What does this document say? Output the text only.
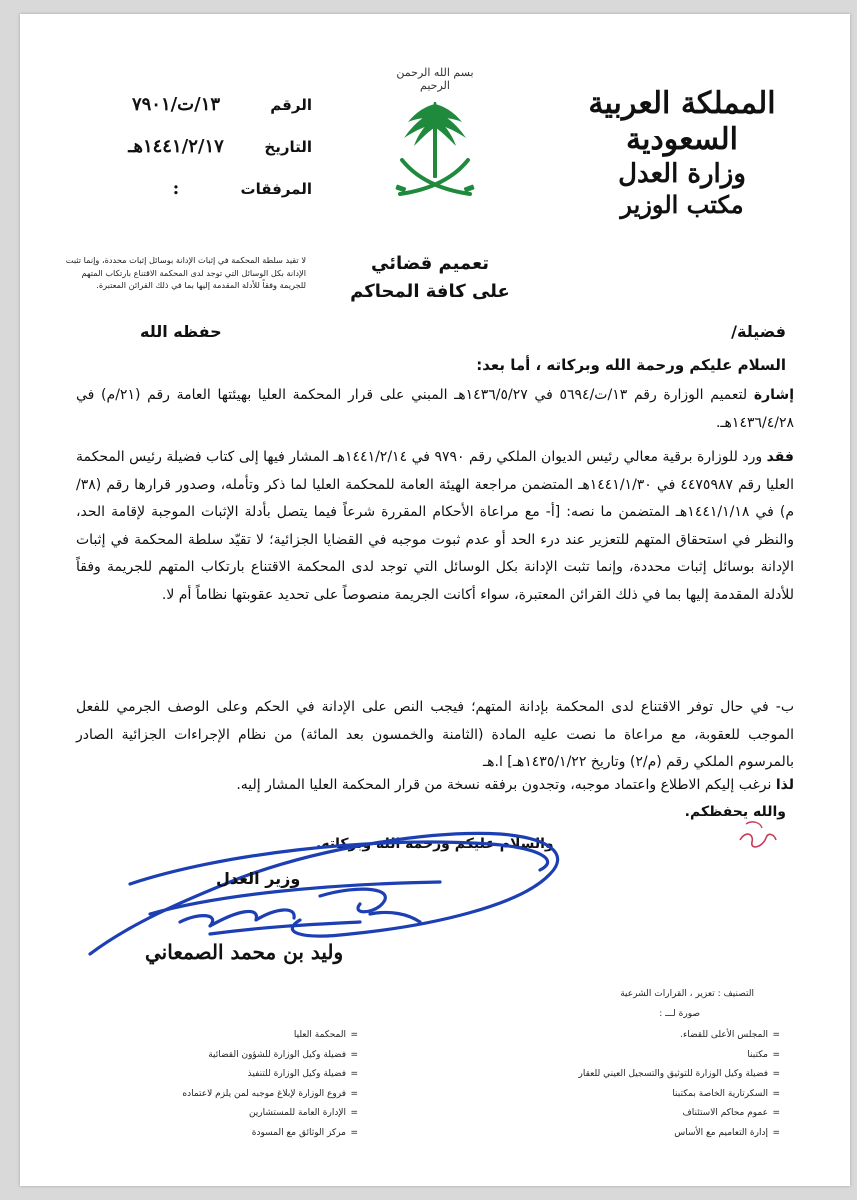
المملكة العربية السعودية
وزارة العدل
مكتب الوزير
بسم الله الرحمن الرحيم
الرقم
١٣/ت/٧٩٠١
التاريخ
١٤٤١/٢/١٧هـ
المرفقات
:
تعميم قضائي
على كافة المحاكم
لا تقيد سلطة المحكمة في إثبات الإدانة بوسائل إثبات محددة، وإنما تثبت الإدانة بكل الوسائل التي توجد لدى المحكمة الاقتناع بارتكاب المتهم للجريمة وفقاً للأدلة المقدمة إليها بما في ذلك القرائن المعتبرة.
فضيلة/
حفظه الله
السلام عليكم ورحمة الله وبركاته ، أما بعد:
إشارة لتعميم الوزارة رقم ١٣/ت/٥٦٩٤ في ١٤٣٦/٥/٢٧هـ المبني على قرار المحكمة العليا بهيئتها العامة رقم (٢١/م) في ١٤٣٦/٤/٢٨هـ.
فقد ورد للوزارة برقية معالي رئيس الديوان الملكي رقم ٩٧٩٠ في ١٤٤١/٢/١٤هـ المشار فيها إلى كتاب فضيلة رئيس المحكمة العليا رقم ٤٤٧٥٩٨٧ في ١٤٤١/١/٣٠هـ المتضمن مراجعة الهيئة العامة للمحكمة العليا لما ذكر وتأمله، وصدور قرارها رقم (٣٨/م) في ١٤٤١/١/١٨هـ المتضمن ما نصه: [أ- مع مراعاة الأحكام المقررة شرعاً فيما يتصل بأدلة الإثبات الموجبة لإقامة الحد، والنظر في استحقاق المتهم للتعزير عند درء الحد أو عدم ثبوت موجبه في القضايا الجزائية؛ لا تقيّد سلطة المحكمة في إثبات الإدانة بوسائل إثبات محددة، وإنما تثبت الإدانة بكل الوسائل التي توجد لدى المحكمة الاقتناع بارتكاب المتهم للجريمة وفقاً للأدلة المقدمة إليها بما في ذلك القرائن المعتبرة، سواء أكانت الجريمة منصوصاً على تحديد عقوبتها نظاماً أم لا.
ب- في حال توفر الاقتناع لدى المحكمة بإدانة المتهم؛ فيجب النص على الإدانة في الحكم وعلى الوصف الجرمي للفعل الموجب للعقوبة، مع مراعاة ما نصت عليه المادة (الثامنة والخمسون بعد المائة) من نظام الإجراءات الجزائية الصادر بالمرسوم الملكي رقم (م/٢) وتاريخ ١٤٣٥/١/٢٢هـ] ا.هـ
لذا نرغب إليكم الاطلاع واعتماد موجبه، وتجدون برفقه نسخة من قرار المحكمة العليا المشار إليه.
والله يحفظكم.
والسلام عليكم ورحمة الله وبركاته.
وزير العدل
وليد بن محمد الصمعاني
التصنيف : تعزير ، القرارات الشرعية
صورة لـــ :
=المجلس الأعلى للقضاء.
=مكتبنا
=فضيلة وكيل الوزارة للتوثيق والتسجيل العيني للعقار
=السكرتارية الخاصة بمكتبنا
=عموم محاكم الاستئناف
=إدارة التعاميم مع الأساس
=المحكمة العليا
=فضيلة وكيل الوزارة للشؤون القضائية
=فضيلة وكيل الوزارة للتنفيذ
=فروع الوزارة لإبلاغ موجبه لمن يلزم لاعتماده
=الإدارة العامة للمستشارين
=مركز الوثائق مع المسودة
